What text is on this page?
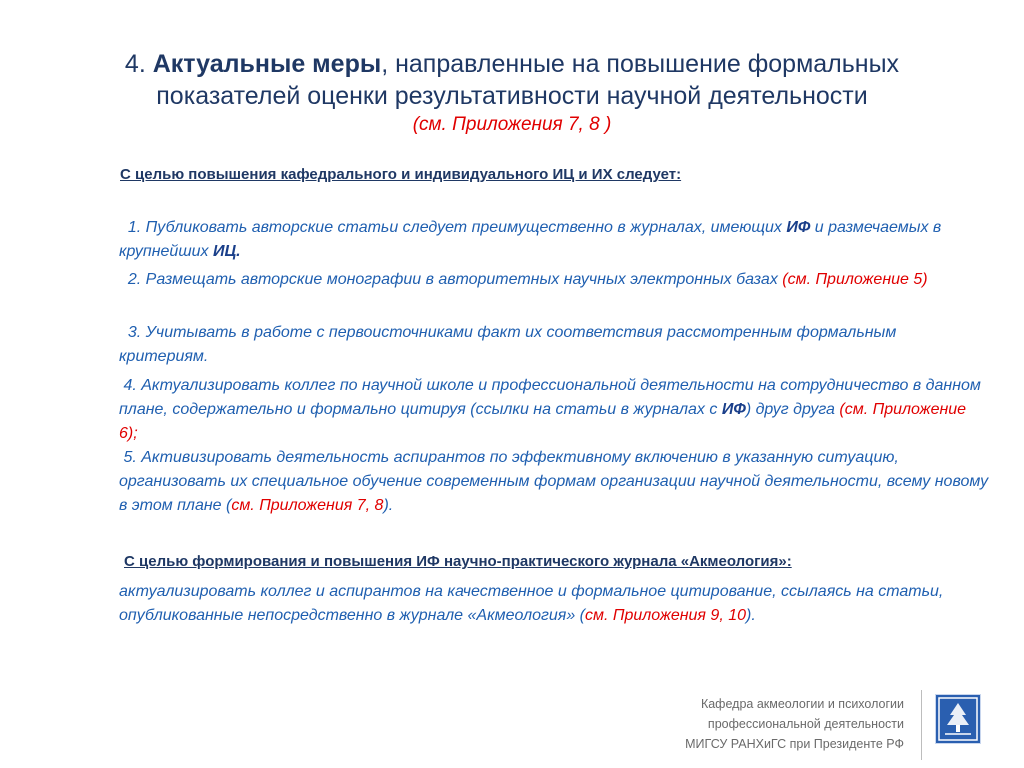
4. Актуальные меры, направленные на повышение формальных
показателей оценки результативности научной деятельности
(см. Приложения 7, 8 )
С целью повышения кафедрального и индивидуального ИЦ и ИХ следует:
1. Публиковать авторские статьи следует преимущественно в журналах, имеющих ИФ и размечаемых в крупнейших ИЦ.
2. Размещать авторские монографии в авторитетных научных электронных базах (см. Приложение 5)
3. Учитывать в работе с первоисточниками факт их соответствия рассмотренным формальным критериям.
4. Актуализировать коллег по научной школе и профессиональной деятельности на сотрудничество в данном плане, содержательно и формально цитируя (ссылки на статьи в журналах с ИФ) друг друга (см. Приложение 6);
5. Активизировать деятельность аспирантов по эффективному включению в указанную ситуацию, организовать их специальное обучение современным формам организации научной деятельности, всему новому в этом плане (см. Приложения 7, 8).
С целью формирования и повышения ИФ научно-практического журнала «Акмеология»:
актуализировать коллег и аспирантов на качественное и формальное цитирование, ссылаясь на статьи, опубликованные непосредственно в журнале «Акмеология» (см. Приложения 9, 10).
Кафедра акмеологии и психологии
профессиональной деятельности
МИГСУ РАНХиГС при Президенте РФ
